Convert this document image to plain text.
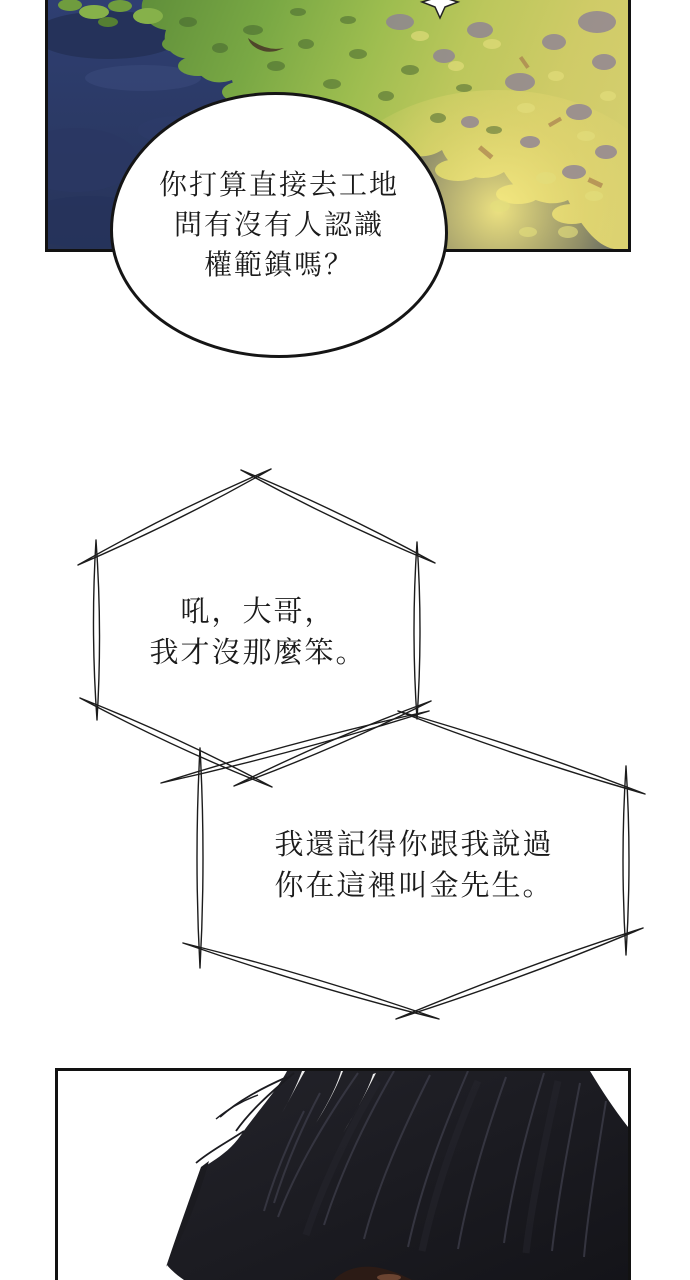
你打算直接去工地
問有沒有人認識
權範鎮嗎？
吼，大哥，
我才沒那麼笨。
我還記得你跟我說過
你在這裡叫金先生。
